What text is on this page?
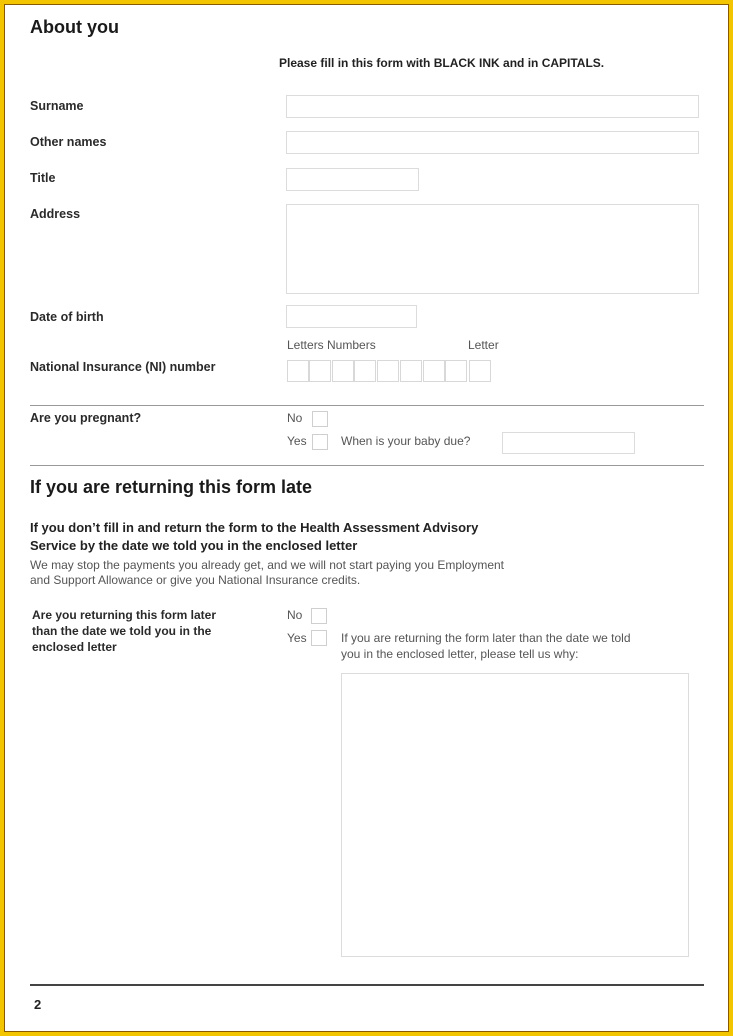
About you
Please fill in this form with BLACK INK and in CAPITALS.
Surname
Other names
Title
Address
Date of birth
Letters Numbers	Letter
National Insurance (NI) number
Are you pregnant?	No
Yes	When is your baby due?
If you are returning this form late
If you don’t fill in and return the form to the Health Assessment Advisory
Service by the date we told you in the enclosed letter
We may stop the payments you already get, and we will not start paying you Employment
and Support Allowance or give you National Insurance credits.
Are you returning this form later
than the date we told you in the
enclosed letter
No
Yes	If you are returning the form later than the date we told
you in the enclosed letter, please tell us why:
2
